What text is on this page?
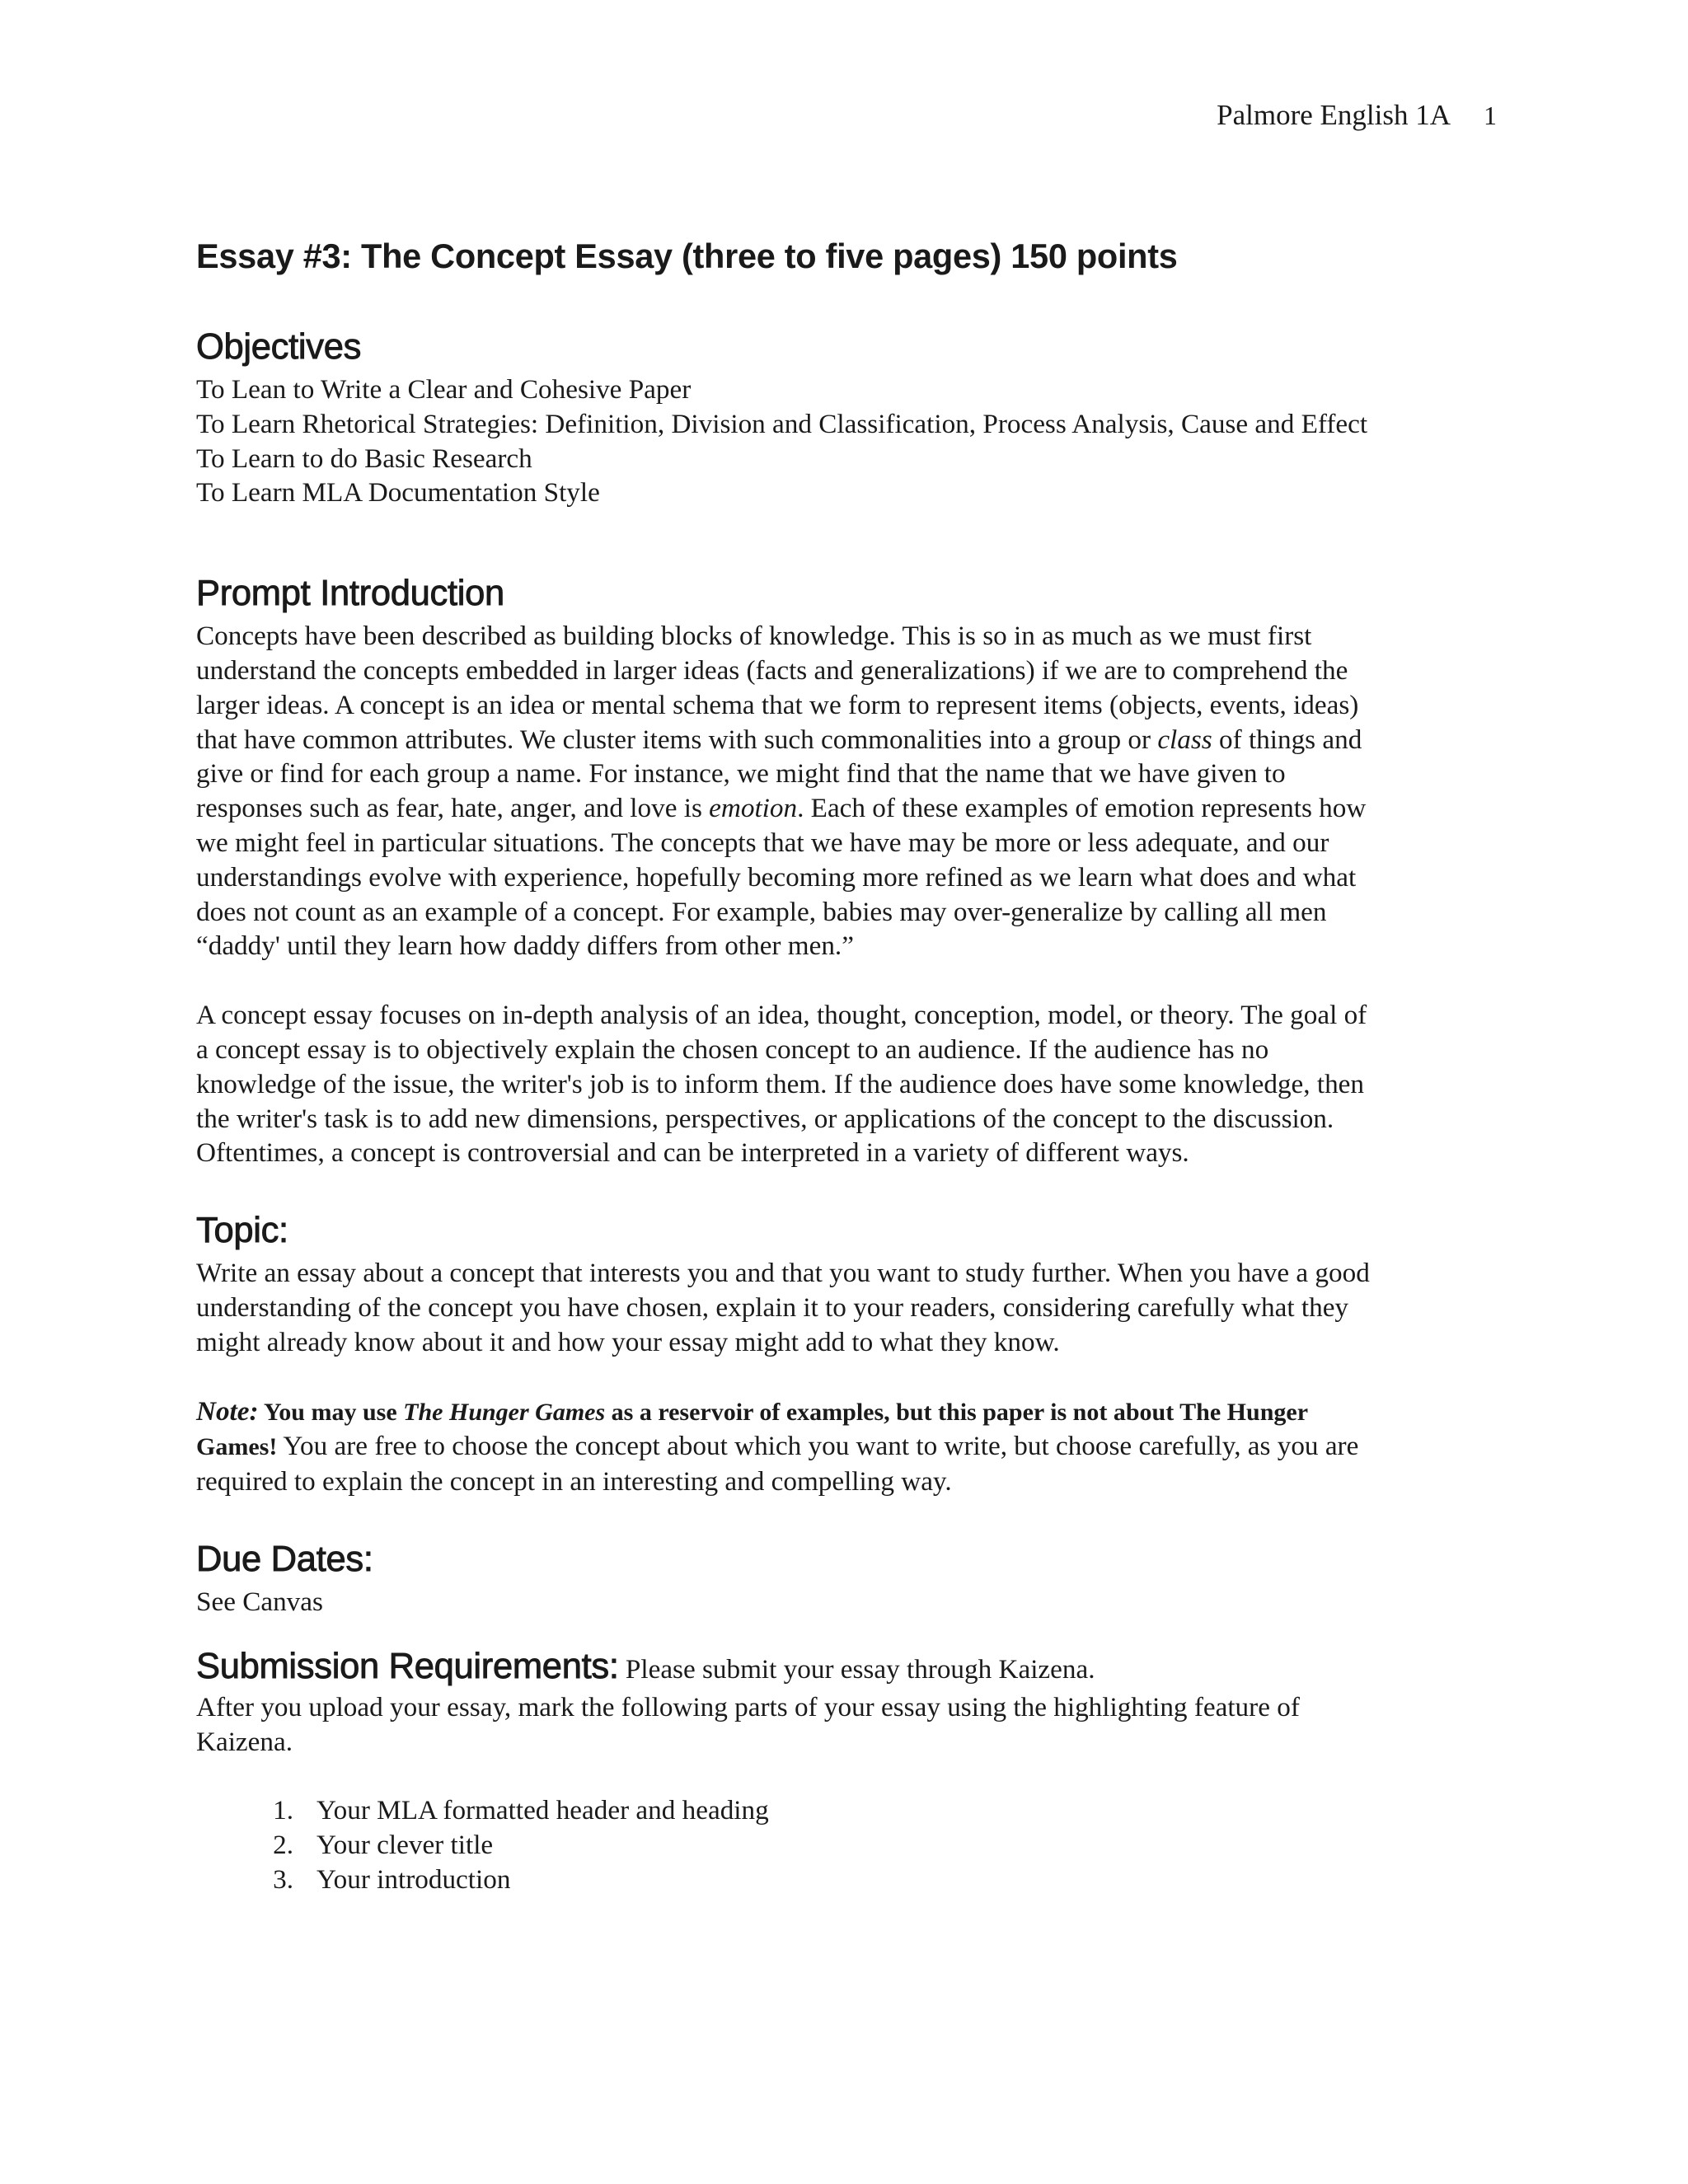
Palmore English 1A 1
Essay #3: The Concept Essay (three to five pages) 150 points
Objectives
To Lean to Write a Clear and Cohesive Paper
To Learn Rhetorical Strategies: Definition, Division and Classification, Process Analysis, Cause and Effect
To Learn to do Basic Research
To Learn MLA Documentation Style
Prompt Introduction
Concepts have been described as building blocks of knowledge. This is so in as much as we must first
understand the concepts embedded in larger ideas (facts and generalizations) if we are to comprehend the
larger ideas. A concept is an idea or mental schema that we form to represent items (objects, events, ideas)
that have common attributes. We cluster items with such commonalities into a group or class of things and
give or find for each group a name. For instance, we might find that the name that we have given to
responses such as fear, hate, anger, and love is emotion. Each of these examples of emotion represents how
we might feel in particular situations. The concepts that we have may be more or less adequate, and our
understandings evolve with experience, hopefully becoming more refined as we learn what does and what
does not count as an example of a concept. For example, babies may over-generalize by calling all men
“daddy' until they learn how daddy differs from other men.”
A concept essay focuses on in-depth analysis of an idea, thought, conception, model, or theory. The goal of
a concept essay is to objectively explain the chosen concept to an audience. If the audience has no
knowledge of the issue, the writer's job is to inform them. If the audience does have some knowledge, then
the writer's task is to add new dimensions, perspectives, or applications of the concept to the discussion.
Oftentimes, a concept is controversial and can be interpreted in a variety of different ways.
Topic:
Write an essay about a concept that interests you and that you want to study further. When you have a good
understanding of the concept you have chosen, explain it to your readers, considering carefully what they
might already know about it and how your essay might add to what they know.
Note: You may use The Hunger Games as a reservoir of examples, but this paper is not about The Hunger
Games! You are free to choose the concept about which you want to write, but choose carefully, as you are
required to explain the concept in an interesting and compelling way.
Due Dates:
See Canvas

Submission Requirements: Please submit your essay through Kaizena.

After you upload your essay, mark the following parts of your essay using the highlighting feature of
Kaizena.
1. Your MLA formatted header and heading
2. Your clever title
3. Your introduction
